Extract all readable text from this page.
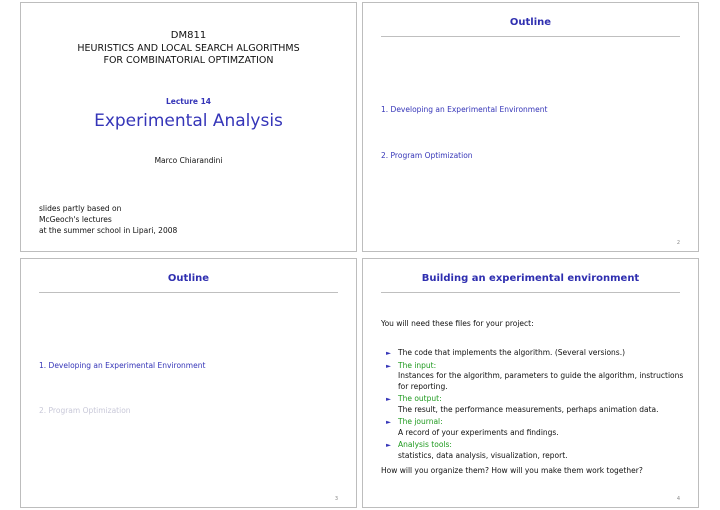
DM811
HEURISTICS AND LOCAL SEARCH ALGORITHMS
FOR COMBINATORIAL OPTIMZATION
Lecture 14
Experimental Analysis
Marco Chiarandini
slides partly based on
McGeoch's lectures
at the summer school in Lipari, 2008
Outline
1. Developing an Experimental Environment
2. Program Optimization
2
Outline
1. Developing an Experimental Environment
2. Program Optimization
3
Building an experimental environment
You will need these files for your project:
► The code that implements the algorithm. (Several versions.)
► The input:
Instances for the algorithm, parameters to guide the algorithm, instructions for reporting.
► The output:
The result, the performance measurements, perhaps animation data.
► The journal:
A record of your experiments and findings.
► Analysis tools:
statistics, data analysis, visualization, report.
How will you organize them? How will you make them work together?
4
